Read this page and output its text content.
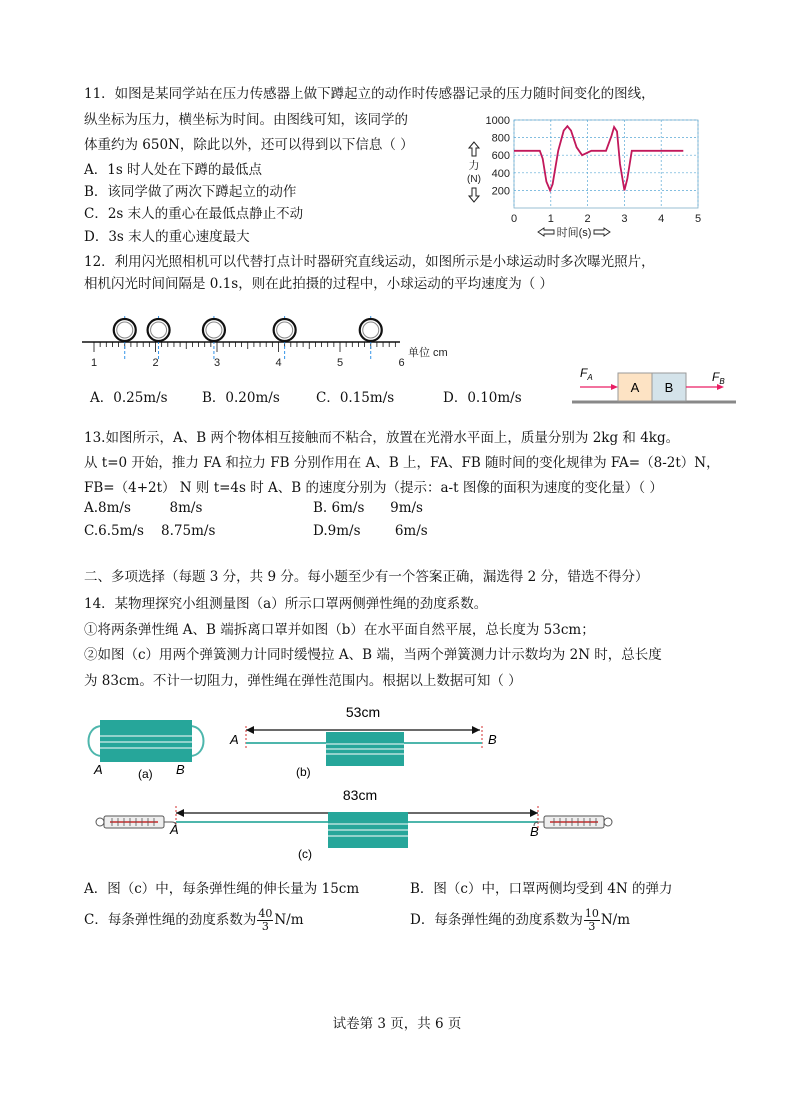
11．如图是某同学站在压力传感器上做下蹲起立的动作时传感器记录的压力随时间变化的图线，
纵坐标为压力，横坐标为时间。由图线可知，该同学的
体重约为 650N，除此以外，还可以得到以下信息（ ）
A．1s 时人处在下蹲的最低点
B．该同学做了两次下蹲起立的动作
C．2s 末人的重心在最低点静止不动
D．3s 末人的重心速度最大
1000
800
600
400
200
0	1	2	3	4	5
力
(N)
时间(s)
12．利用闪光照相机可以代替打点计时器研究直线运动，如图所示是小球运动时多次曝光照片，
相机闪光时间间隔是 0.1s，则在此拍摄的过程中，小球运动的平均速度为（ ）
1	2	3	4	5	6
单位 cm
A．0.25m/s	B．0.20m/s	C．0.15m/s	D．0.10m/s
A B
$F_A$	$F_B$
13.如图所示，A、B 两个物体相互接触而不粘合，放置在光滑水平面上，质量分别为 2kg 和 4kg。
从 t=0 开始，推力 FA 和拉力 FB 分别作用在 A、B 上，FA、FB 随时间的变化规律为 FA=（8-2t）N，
FB=（4+2t） N 则 t=4s 时 A、B 的速度分别为（提示：a-t 图像的面积为速度的变化量）（ ）
A.8m/s         8m/s	B. 6m/s      9m/s
C.6.5m/s    8.75m/s	D.9m/s        6m/s
二、多项选择（每题 3 分，共 9 分。每小题至少有一个答案正确，漏选得 2 分，错选不得分）
14．某物理探究小组测量图（a）所示口罩两侧弹性绳的劲度系数。
①将两条弹性绳 A、B 端拆离口罩并如图（b）在水平面自然平展，总长度为 53cm；
②如图（c）用两个弹簧测力计同时缓慢拉 A、B 端，当两个弹簧测力计示数均为 2N 时，总长度
为 83cm。不计一切阻力，弹性绳在弹性范围内。根据以上数据可知（ ）
A	B
(a)
53cm
A	B
(b)
83cm
A	B
(c)
A．图（c）中，每条弹性绳的伸长量为 15cm	B．图（c）中，口罩两侧均受到 4N 的弹力
C．每条弹性绳的劲度系数为 $\frac{40}{3} N/m$	D．每条弹性绳的劲度系数为 $\frac{10}{3} N/m$
试卷第 3 页，共 6 页
